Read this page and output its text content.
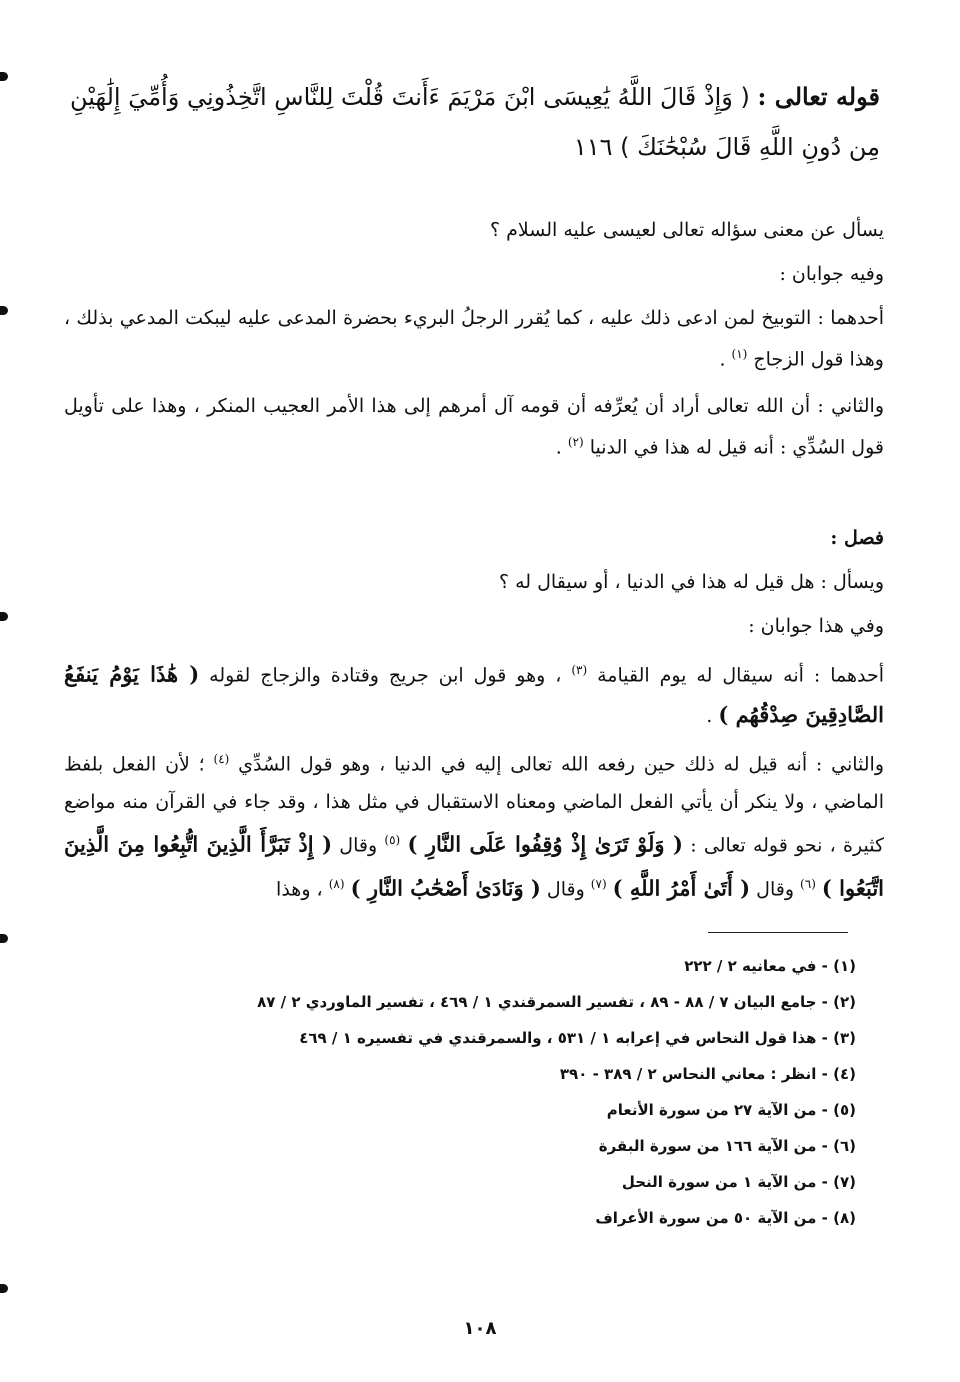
قوله تعالى : ( وَإِذْ قَالَ اللَّهُ يَٰعِيسَى ابْنَ مَرْيَمَ ءَأَنتَ قُلْتَ لِلنَّاسِ اتَّخِذُونِي وَأُمِّيَ إِلَٰهَيْنِ مِن دُونِ اللَّهِ قَالَ سُبْحَٰنَكَ ) ١١٦

يسأل عن معنى سؤاله تعالى لعيسى عليه السلام ؟

وفيه جوابان :

أحدهما : التوبيخ لمن ادعى ذلك عليه ، كما يُقرر الرجلُ البريء بحضرة المدعى عليه ليبكت المدعي بذلك ، وهذا قول الزجاج $^{(١)}$ .

والثاني : أن الله تعالى أراد أن يُعرِّفه أن قومه آل أمرهم إلى هذا الأمر العجيب المنكر ، وهذا على تأويل قول السُدِّي : أنه قيل له هذا في الدنيا $^{(٢)}$ .

فصل :

ويسأل : هل قيل له هذا في الدنيا ، أو سيقال له ؟

وفي هذا جوابان :

أحدهما : أنه سيقال له يوم القيامة $^{(٣)}$ ، وهو قول ابن جريج وقتادة والزجاج لقوله ( هَٰذَا يَوْمُ يَنفَعُ الصَّادِقِينَ صِدْقُهُم ) .

والثاني : أنه قيل له ذلك حين رفعه الله تعالى إليه في الدنيا ، وهو قول السُدِّي $^{(٤)}$ ؛ لأن الفعل بلفظ الماضي ، ولا ينكر أن يأتي الفعل الماضي ومعناه الاستقبال في مثل هذا ، وقد جاء في القرآن منه مواضع كثيرة ، نحو قوله تعالى : ( وَلَوْ تَرَىٰ إِذْ وُقِفُوا عَلَى النَّارِ ) $^{(٥)}$ وقال ( إِذْ تَبَرَّأَ الَّذِينَ اتُّبِعُوا مِنَ الَّذِينَ اتَّبَعُوا ) $^{(٦)}$ وقال ( أَتَىٰ أَمْرُ اللَّهِ ) $^{(٧)}$ وقال ( وَنَادَىٰ أَصْحَٰبُ النَّارِ ) $^{(٨)}$ ، وهذا

(١) - في معانيه ٢ / ٢٢٢
(٢) - جامع البيان ٧ / ٨٨ - ٨٩ ، تفسير السمرقندي ١ / ٤٦٩ ، تفسير الماوردي ٢ / ٨٧
(٣) - هذا قول النحاس في إعرابه ١ / ٥٣١ ، والسمرقندي في تفسيره ١ / ٤٦٩
(٤) - انظر : معاني النحاس ٢ / ٣٨٩ - ٣٩٠
(٥) - من الآية ٢٧ من سورة الأنعام
(٦) - من الآية ١٦٦ من سورة البقرة
(٧) - من الآية ١ من سورة النحل
(٨) - من الآية ٥٠ من سورة الأعراف
١٠٨
